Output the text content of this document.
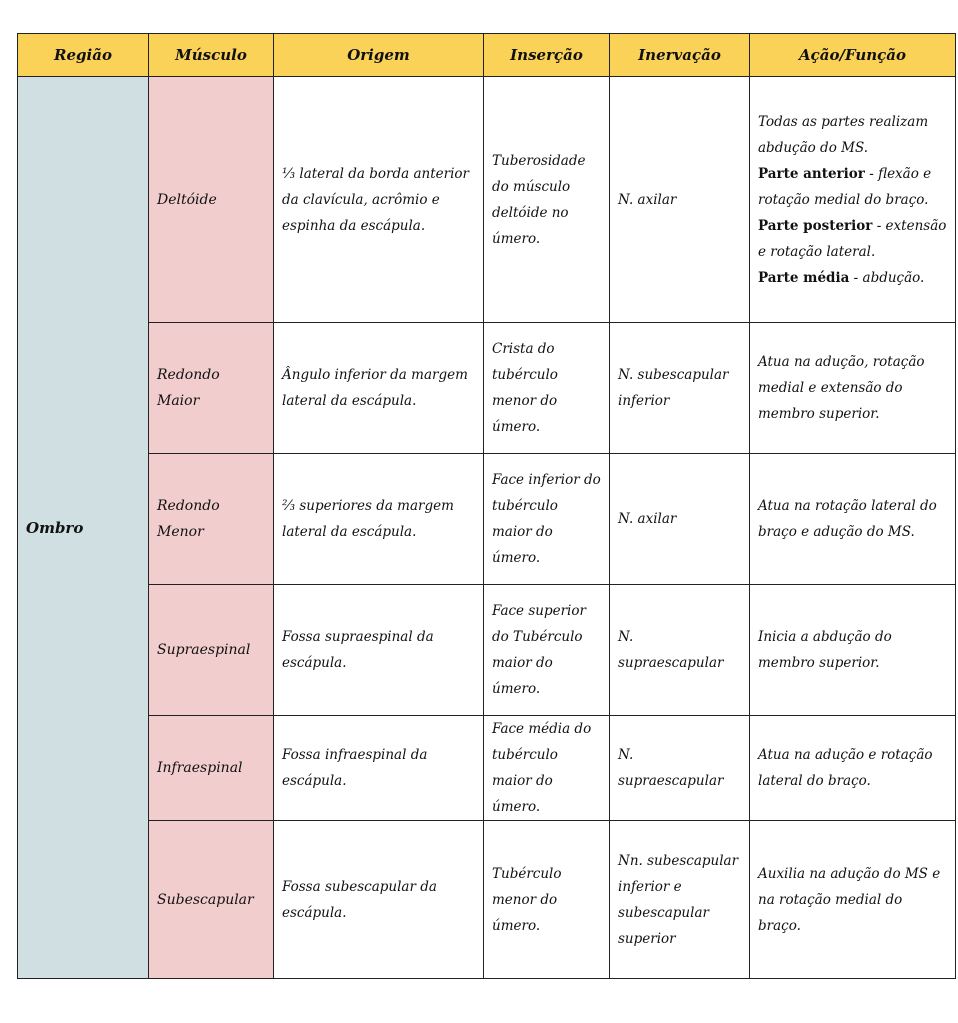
Região	Músculo	Origem	Inserção	Inervação	Ação/Função
Ombro	Deltóide	⅓ lateral da borda anterior da clavícula, acrômio e espinha da escápula.	Tuberosidade do músculo deltóide no úmero.	N. axilar	Todas as partes realizam abdução do MS.
Parte anterior - flexão e rotação medial do braço.
Parte posterior - extensão e rotação lateral.
Parte média - abdução.
	Redondo Maior	Ângulo inferior da margem lateral da escápula.	Crista do tubérculo menor do úmero.	N. subescapular inferior	Atua na adução, rotação medial e extensão do membro superior.
	Redondo Menor	⅔ superiores da margem lateral da escápula.	Face inferior do tubérculo maior do úmero.	N. axilar	Atua na rotação lateral do braço e adução do MS.
	Supraespinal	Fossa supraespinal da escápula.	Face superior do Tubérculo maior do úmero.	N. supraescapular	Inicia a abdução do membro superior.
	Infraespinal	Fossa infraespinal da escápula.	Face média do tubérculo maior do úmero.	N. supraescapular	Atua na adução e rotação lateral do braço.
	Subescapular	Fossa subescapular da escápula.	Tubérculo menor do úmero.	Nn. subescapular inferior e subescapular superior	Auxilia na adução do MS e na rotação medial do braço.
